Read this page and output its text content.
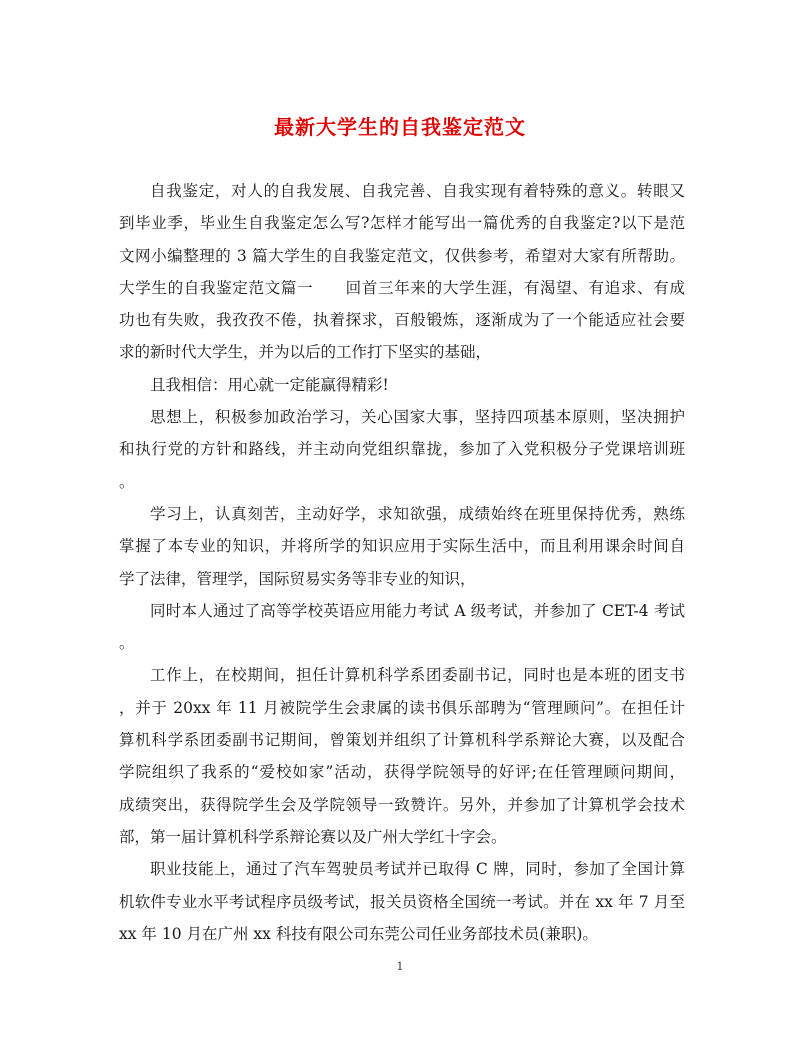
最新大学生的自我鉴定范文
自我鉴定，对人的自我发展、自我完善、自我实现有着特殊的意义。转眼又
到毕业季，毕业生自我鉴定怎么写?怎样才能写出一篇优秀的自我鉴定?以下是范
文网小编整理的 3 篇大学生的自我鉴定范文，仅供参考，希望对大家有所帮助。
大学生的自我鉴定范文篇一　　回首三年来的大学生涯，有渴望、有追求、有成
功也有失败，我孜孜不倦，执着探求，百般锻炼，逐渐成为了一个能适应社会要
求的新时代大学生，并为以后的工作打下坚实的基础，
且我相信：用心就一定能赢得精彩!
思想上，积极参加政治学习，关心国家大事，坚持四项基本原则，坚决拥护
和执行党的方针和路线，并主动向党组织靠拢，参加了入党积极分子党课培训班
。
学习上，认真刻苦，主动好学，求知欲强，成绩始终在班里保持优秀，熟练
掌握了本专业的知识，并将所学的知识应用于实际生活中，而且利用课余时间自
学了法律，管理学，国际贸易实务等非专业的知识，
同时本人通过了高等学校英语应用能力考试 A 级考试，并参加了 CET-4 考试
。
工作上，在校期间，担任计算机科学系团委副书记，同时也是本班的团支书
，并于 20xx 年 11 月被院学生会隶属的读书俱乐部聘为“管理顾问”。在担任计
算机科学系团委副书记期间，曾策划并组织了计算机科学系辩论大赛，以及配合
学院组织了我系的“爱校如家”活动，获得学院领导的好评;在任管理顾问期间，
成绩突出，获得院学生会及学院领导一致赞许。另外，并参加了计算机学会技术
部，第一届计算机科学系辩论赛以及广州大学红十字会。
职业技能上，通过了汽车驾驶员考试并已取得 C 牌，同时，参加了全国计算
机软件专业水平考试程序员级考试，报关员资格全国统一考试。并在 xx 年 7 月至
xx 年 10 月在广州 xx 科技有限公司东莞公司任业务部技术员(兼职)。
1
